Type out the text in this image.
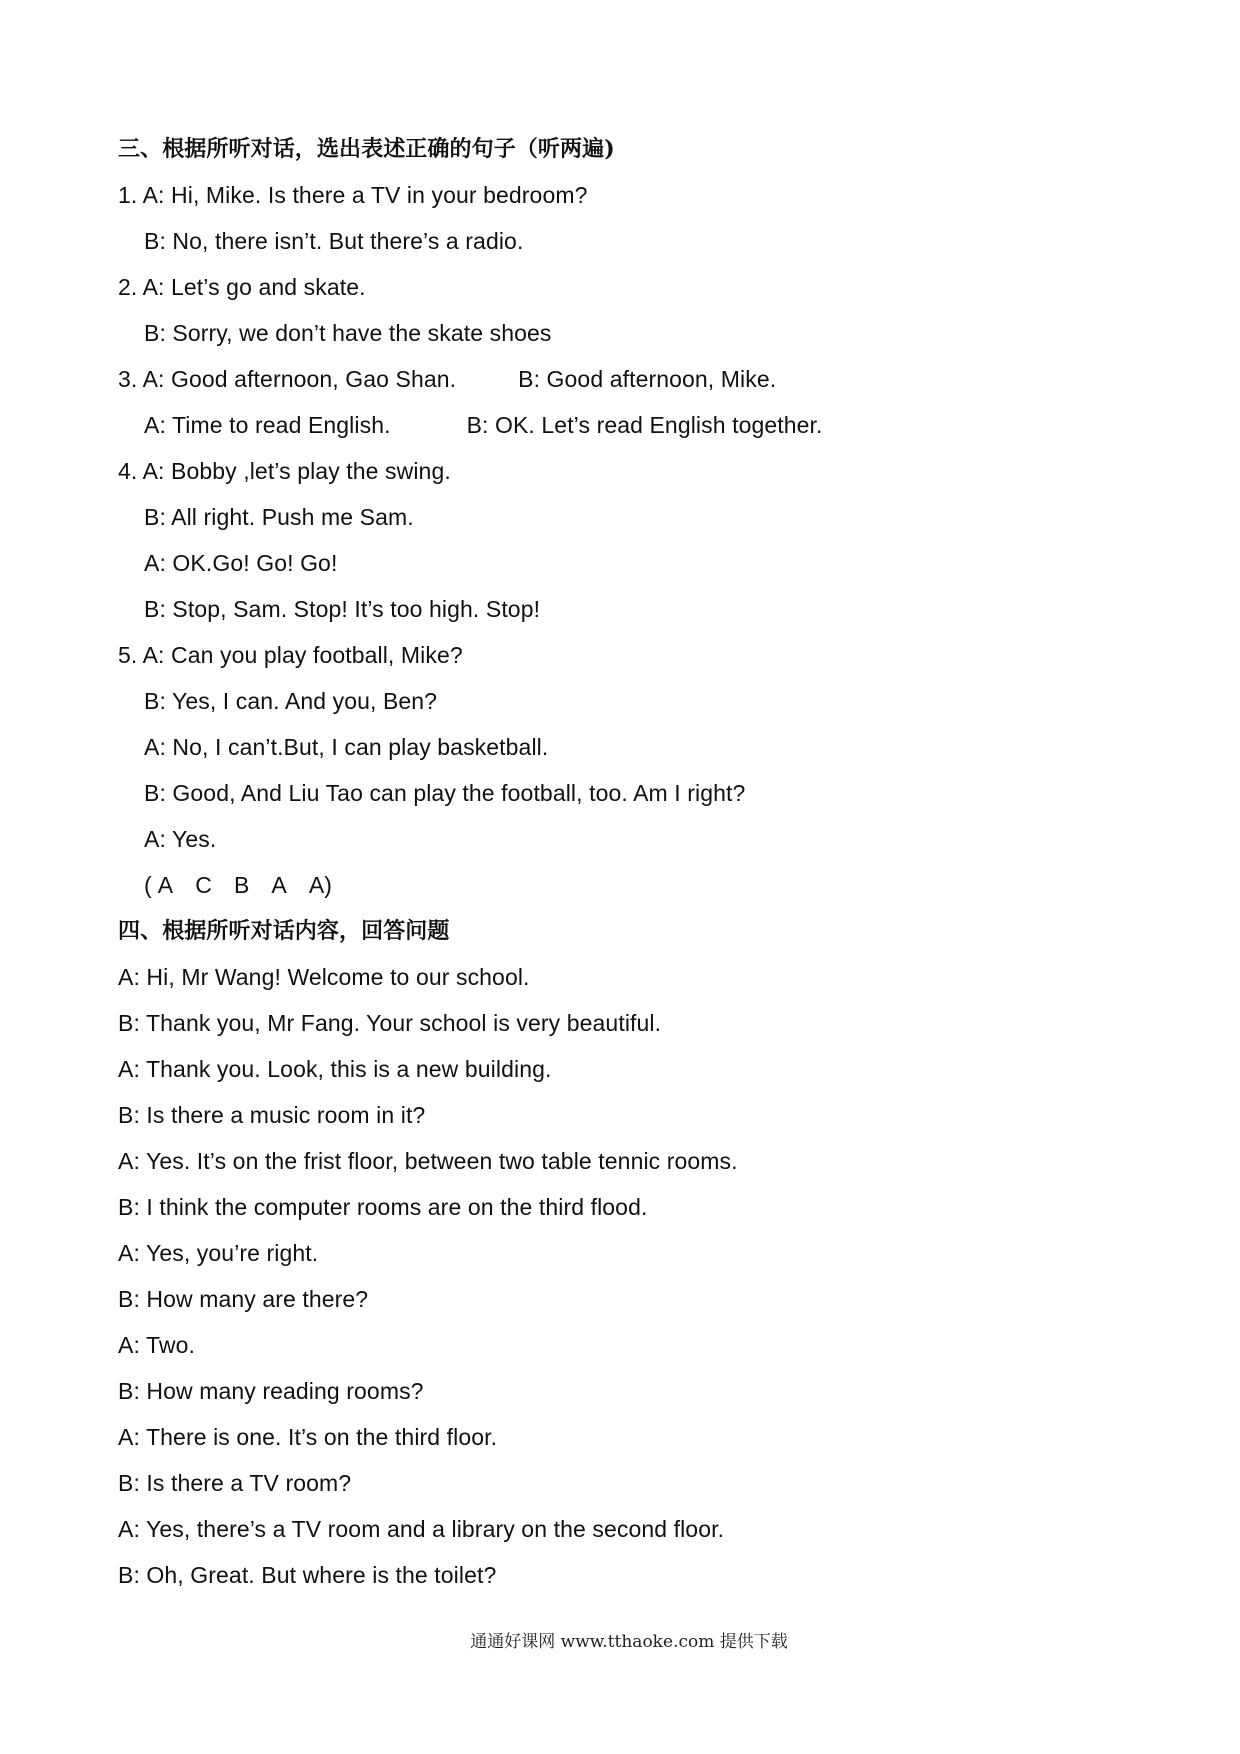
三、根据所听对话，选出表述正确的句子（听两遍)
1. A: Hi, Mike. Is there a TV in your bedroom?
B: No, there isn’t. But there’s a radio.
2. A: Let’s go and skate.
B: Sorry, we don’t have the skate shoes
3. A: Good afternoon, Gao Shan.	B: Good afternoon, Mike.
A: Time to read English.	B: OK. Let’s read English together.
4. A: Bobby ,let’s play the swing.
B: All right. Push me Sam.
A: OK.Go! Go! Go!
B: Stop, Sam. Stop! It’s too high. Stop!
5. A: Can you play football, Mike?
B: Yes, I can. And you, Ben?
A: No, I can’t.But, I can play basketball.
B: Good, And Liu Tao can play the football, too. Am I right?
A: Yes.
( A C B A A)
四、根据所听对话内容，回答问题
A: Hi, Mr Wang! Welcome to our school.
B: Thank you, Mr Fang. Your school is very beautiful.
A: Thank you. Look, this is a new building.
B: Is there a music room in it?
A: Yes. It’s on the frist floor, between two table tennic rooms.
B: I think the computer rooms are on the third flood.
A: Yes, you’re right.
B: How many are there?
A: Two.
B: How many reading rooms?
A: There is one. It’s on the third floor.
B: Is there a TV room?
A: Yes, there’s a TV room and a library on the second floor.
B: Oh, Great. But where is the toilet?
通通好课网 www.tthaoke.com 提供下载
